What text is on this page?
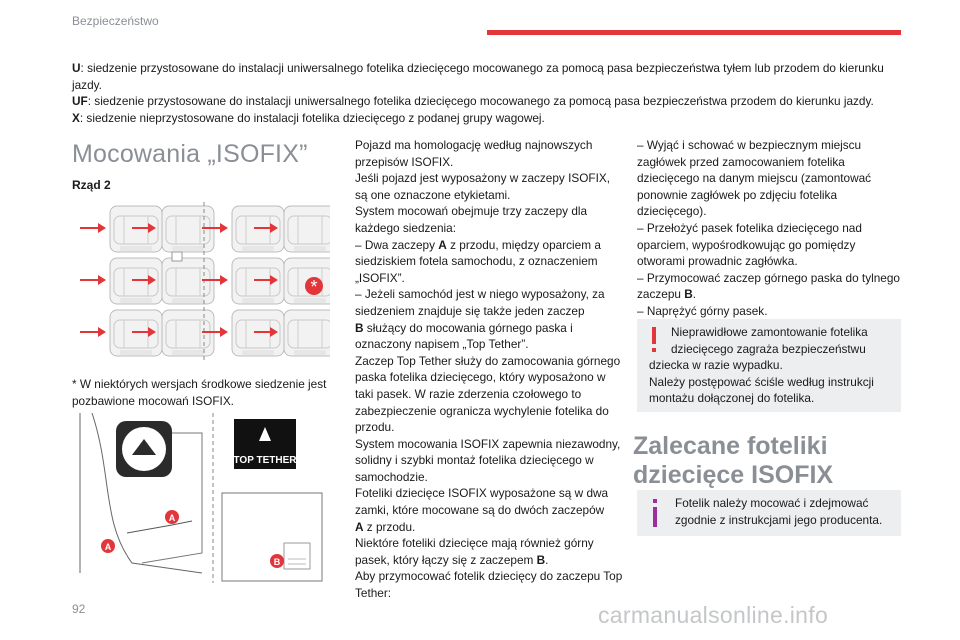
Bezpieczeństwo

U: siedzenie przystosowane do instalacji uniwersalnego fotelika dziecięcego mocowanego za pomocą pasa bezpieczeństwa tyłem lub przodem do kierunku jazdy.

UF: siedzenie przystosowane do instalacji uniwersalnego fotelika dziecięcego mocowanego za pomocą pasa bezpieczeństwa przodem do kierunku jazdy.

X: siedzenie nieprzystosowane do instalacji fotelika dziecięcego z podanej grupy wagowej.

Mocowania „ISOFIX”
Rząd 2
*
* W niektórych wersjach środkowe siedzenie jest pozbawione mocowań ISOFIX.
TOP TETHER
A
A
B

Pojazd ma homologację według najnowszych przepisów ISOFIX.

Jeśli pojazd jest wyposażony w zaczepy ISOFIX, są one oznaczone etykietami.

System mocowań obejmuje trzy zaczepy dla każdego siedzenia:

– Dwa zaczepy A z przodu, między oparciem a siedziskiem fotela samochodu, z oznaczeniem „ISOFIX”.

– Jeżeli samochód jest w niego wyposażony, za siedzeniem znajduje się także jeden zaczep
B służący do mocowania górnego paska i oznaczony napisem „Top Tether”.

Zaczep Top Tether służy do zamocowania górnego paska fotelika dziecięcego, który wyposażono w taki pasek. W razie zderzenia czołowego to zabezpieczenie ogranicza wychylenie fotelika do przodu.

System mocowania ISOFIX zapewnia niezawodny, solidny i szybki montaż fotelika dziecięcego w samochodzie.

Foteliki dziecięce ISOFIX wyposażone są w dwa zamki, które mocowane są do dwóch zaczepów
A z przodu.

Niektóre foteliki dziecięce mają również górny pasek, który łączy się z zaczepem B.

Aby przymocować fotelik dziecięcy do zaczepu Top Tether:

– Wyjąć i schować w bezpiecznym miejscu zagłówek przed zamocowaniem fotelika dziecięcego na danym miejscu (zamontować ponownie zagłówek po zdjęciu fotelika dziecięcego).

– Przełożyć pasek fotelika dziecięcego nad oparciem, wypośrodkowując go pomiędzy otworami prowadnic zagłówka.

– Przymocować zaczep górnego paska do tylnego zaczepu B.

– Naprężyć górny pasek.

Nieprawidłowe zamontowanie fotelika dziecięcego zagraża bezpieczeństwu
dziecka w razie wypadku.
Należy postępować ściśle według instrukcji montażu dołączonej do fotelika.
Zalecane foteliki dziecięce ISOFIX
Fotelik należy mocować i zdejmować zgodnie z instrukcjami jego producenta.
92	carmanualsonline.info
